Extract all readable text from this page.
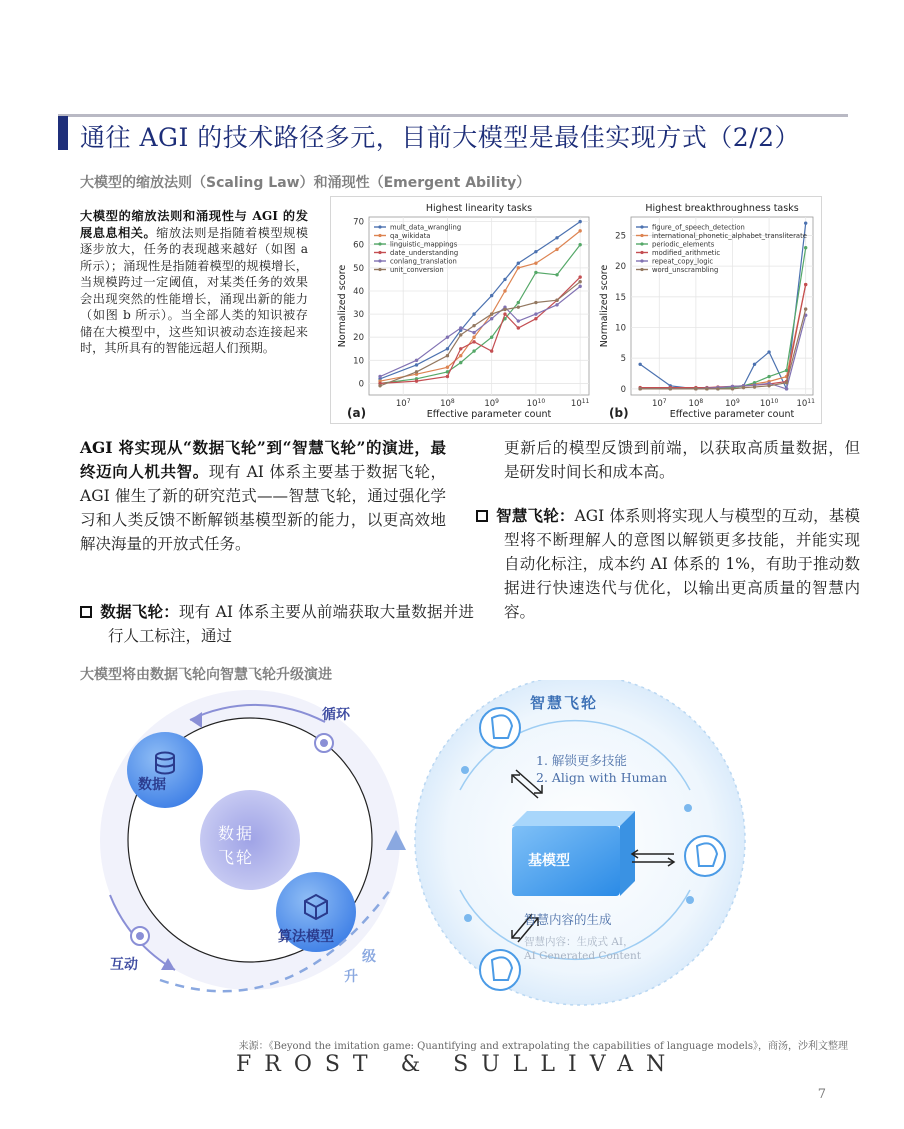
通往 AGI 的技术路径多元，目前大模型是最佳实现方式（2/2）
大模型的缩放法则（Scaling Law）和涌现性（Emergent Ability）
大模型的缩放法则和涌现性与 AGI 的发展息息相关。缩放法则是指随着模型规模逐步放大，任务的表现越来越好（如图 a 所示）；涌现性是指随着模型的规模增长，当规模跨过一定阈值，对某类任务的效果会出现突然的性能增长，涌现出新的能力（如图 b 所示）。当全部人类的知识被存储在大模型中，这些知识被动态连接起来时，其所具有的智能远超人们预期。
0
10
20
30
40
50
60
70
$10^7$	$10^8$	$10^9$	$10^{10}$	$10^{11}$
Highest linearity tasks
Effective parameter count
Normalized score
(a)
mult_data_wrangling
qa_wikidata
linguistic_mappings
date_understanding
conlang_translation
unit_conversion
0
5
10
15
20
25
$10^7$	$10^8$	$10^9$ $10^{10}$ $10^{11}$
Highest breakthroughness tasks
Effective parameter count
Normalized score
(b)
figure_of_speech_detection
international_phonetic_alphabet_transliterate
periodic_elements
modified_arithmetic
repeat_copy_logic
word_unscrambling
AGI 将实现从“数据飞轮”到“智慧飞轮”的演进，最终迈向人机共智。现有 AI 体系主要基于数据飞轮，AGI 催生了新的研究范式——智慧飞轮，通过强化学习和人类反馈不断解锁基模型新的能力，以更高效地解决海量的开放式任务。
数据飞轮：现有 AI 体系主要从前端获取大量数据并进行人工标注，通过
更新后的模型反馈到前端，以获取高质量数据，但是研发时间长和成本高。
智慧飞轮：AGI 体系则将实现人与模型的互动，基模型将不断理解人的意图以解锁更多技能，并能实现自动化标注，成本约 AI 体系的 1%，有助于推动数据进行快速迭代与优化，以输出更高质量的智慧内容。
大模型将由数据飞轮向智慧飞轮升级演进
循环
互动
数据
算法模型
数据
飞轮
级
升
智慧飞轮
1. 解锁更多技能
2. Align with Human
基模型
智慧内容的生成
智慧内容：生成式 AI，
AI Generated Content
来源：《Beyond the imitation game: Quantifying and extrapolating the capabilities of language models》，商汤，沙利文整理
FROST & SULLIVAN
7
